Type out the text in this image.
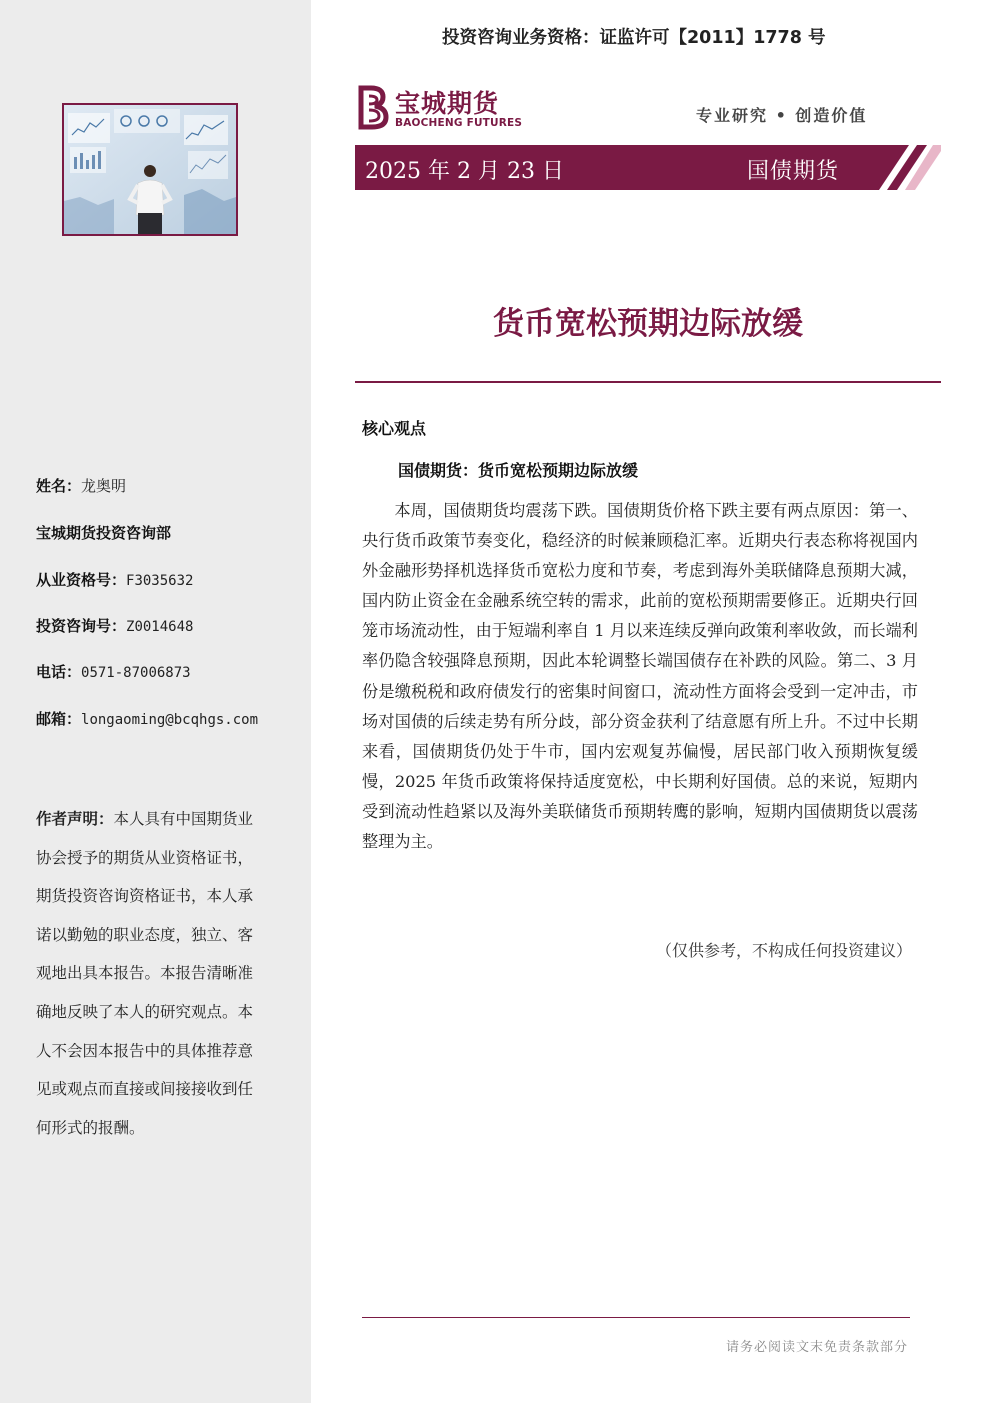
姓名：龙奥明
宝城期货投资咨询部
从业资格号：F3035632
投资咨询号：Z0014648
电话：0571-87006873
邮箱：longaoming@bcqhgs.com
作者声明：本人具有中国期货业协会授予的期货从业资格证书，期货投资咨询资格证书，本人承诺以勤勉的职业态度，独立、客观地出具本报告。本报告清晰准确地反映了本人的研究观点。本人不会因本报告中的具体推荐意见或观点而直接或间接接收到任何形式的报酬。
投资咨询业务资格：证监许可【2011】1778 号
宝城期货
BAOCHENG FUTURES	专业研究 • 创造价值
2025 年 2 月 23 日	国债期货
货币宽松预期边际放缓
核心观点
国债期货：货币宽松预期边际放缓
本周，国债期货均震荡下跌。国债期货价格下跌主要有两点原因：第一、央行货币政策节奏变化，稳经济的时候兼顾稳汇率。近期央行表态称将视国内外金融形势择机选择货币宽松力度和节奏，考虑到海外美联储降息预期大减，国内防止资金在金融系统空转的需求，此前的宽松预期需要修正。近期央行回笼市场流动性，由于短端利率自 1 月以来连续反弹向政策利率收敛，而长端利率仍隐含较强降息预期，因此本轮调整长端国债存在补跌的风险。第二、3 月份是缴税税和政府债发行的密集时间窗口，流动性方面将会受到一定冲击，市场对国债的后续走势有所分歧，部分资金获利了结意愿有所上升。不过中长期来看，国债期货仍处于牛市，国内宏观复苏偏慢，居民部门收入预期恢复缓慢，2025 年货币政策将保持适度宽松，中长期利好国债。总的来说，短期内受到流动性趋紧以及海外美联储货币预期转鹰的影响，短期内国债期货以震荡整理为主。
（仅供参考，不构成任何投资建议）
请务必阅读文末免责条款部分
